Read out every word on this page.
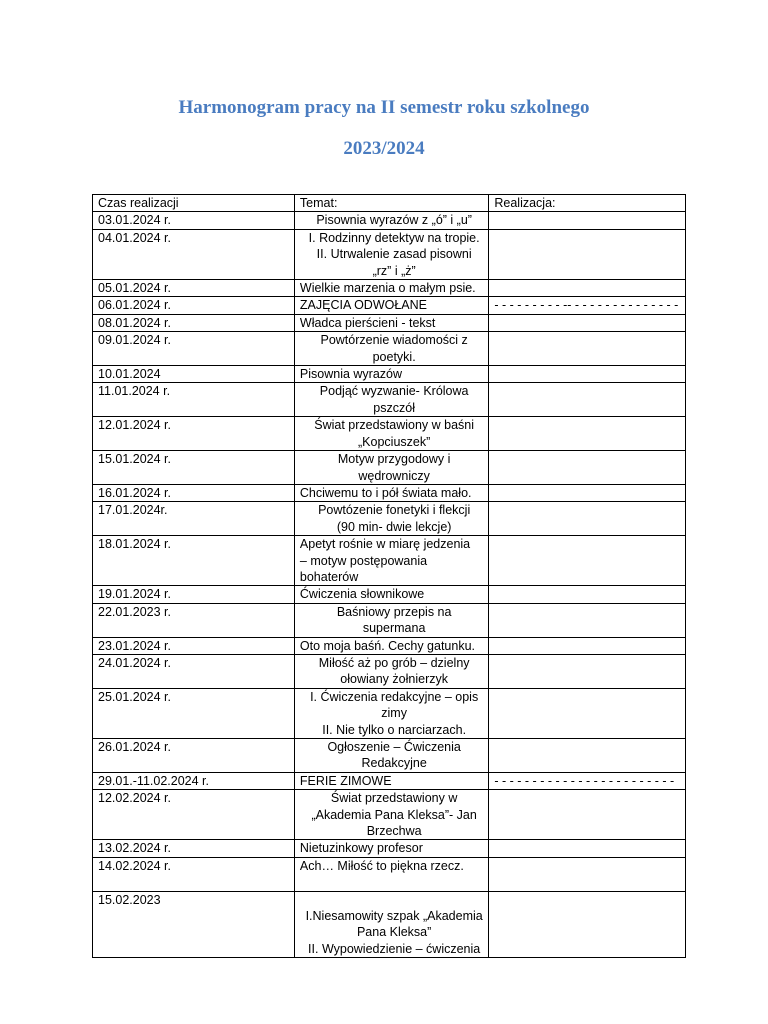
Harmonogram pracy na II semestr roku szkolnego
2023/2024
Czas realizacji	Temat:	Realizacja:
03.01.2024 r.	Pisownia wyrazów z „ó” i „u”	

04.01.2024 r.	I. Rodzinny detektyw na tropie.
II. Utrwalenie zasad pisowni
„rz” i „ż”	

05.01.2024 r.	Wielkie marzenia o małym psie.	

06.01.2024 r.	ZAJĘCIA ODWOŁANE	- - - - - - - - - -- - - - - - - - - - - - - - -
08.01.2024 r.	Władca pierścieni - tekst	

09.01.2024 r.	Powtórzenie wiadomości z
poetyki.	

10.01.2024	Pisownia wyrazów	

11.01.2024 r.	Podjąć wyzwanie- Królowa
pszczół	

12.01.2024 r.	Świat przedstawiony w baśni
„Kopciuszek”	

15.01.2024 r.	Motyw przygodowy i
wędrowniczy	

16.01.2024 r.	Chciwemu to i pół świata mało.	

17.01.2024r.	Powtózenie fonetyki i flekcji
(90 min- dwie lekcje)	

18.01.2024 r.	Apetyt rośnie w miarę jedzenia
– motyw postępowania
bohaterów	

19.01.2024 r.	Ćwiczenia słownikowe	

22.01.2023 r.	Baśniowy przepis na
supermana	

23.01.2024 r.	Oto moja baśń. Cechy gatunku.	

24.01.2024 r.	Miłość aż po grób – dzielny
ołowiany żołnierzyk	

25.01.2024 r.	I. Ćwiczenia redakcyjne – opis
zimy
II. Nie tylko o narciarzach.	

26.01.2024 r.	Ogłoszenie – Ćwiczenia
Redakcyjne	

29.01.-11.02.2024 r.	FERIE ZIMOWE	- - - - - - - - - - - - - - - - - - - - - - - -
12.02.2024 r.	Świat przedstawiony w
„Akademia Pana Kleksa”- Jan
Brzechwa	

13.02.2024 r.	Nietuzinkowy profesor	

14.02.2024 r.	Ach… Miłość to piękna rzecz.	

15.02.2023	I.Niesamowity szpak „Akademia
Pana Kleksa”
II. Wypowiedzienie – ćwiczenia	
